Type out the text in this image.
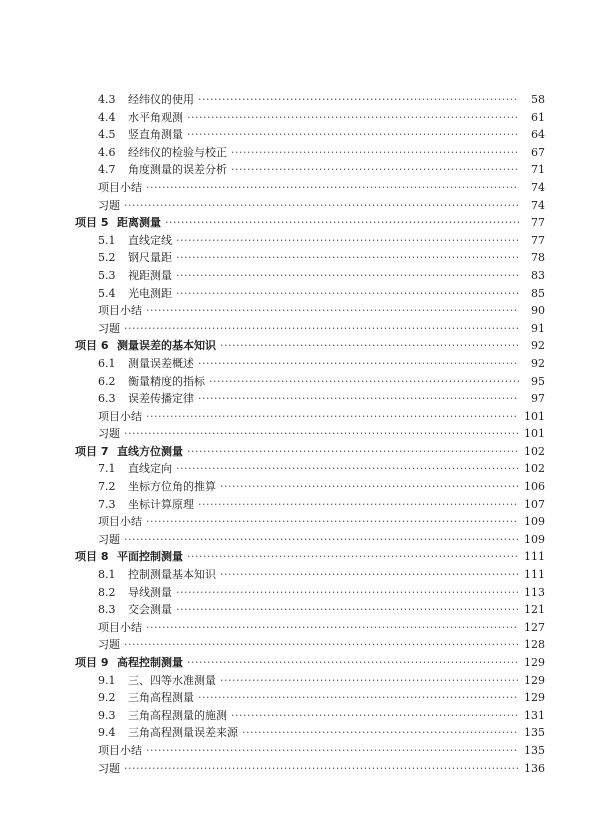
4.3	经纬仪的使用 ·····	58
4.4	水平角观测 ·····	61
4.5	竖直角测量 ·····	64
4.6	经纬仪的检验与校正 ·····	67
4.7	角度测量的误差分析 ·····	71
项目小结 ·····	74
习题 ·····	74
项目 5 距离测量 ·····	77
5.1	直线定线 ·····	77
5.2	钢尺量距 ·····	78
5.3	视距测量 ·····	83
5.4	光电测距 ·····	85
项目小结 ·····	90
习题 ·····	91
项目 6 测量误差的基本知识 ·····	92
6.1	测量误差概述 ·····	92
6.2	衡量精度的指标 ·····	95
6.3	误差传播定律 ·····	97
项目小结 ·····	101
习题 ·····	101
项目 7 直线方位测量 ·····	102
7.1	直线定向 ·····	102
7.2	坐标方位角的推算 ·····	106
7.3	坐标计算原理 ·····	107
项目小结 ·····	109
习题 ·····	109
项目 8 平面控制测量 ·····	111
8.1	控制测量基本知识 ·····	111
8.2	导线测量 ·····	113
8.3	交会测量 ·····	121
项目小结 ·····	127
习题 ·····	128
项目 9 高程控制测量 ·····	129
9.1	三、四等水准测量 ·····	129
9.2	三角高程测量 ·····	129
9.3	三角高程测量的施测 ·····	131
9.4	三角高程测量误差来源 ·····	135
项目小结 ·····	135
习题 ·····	136
